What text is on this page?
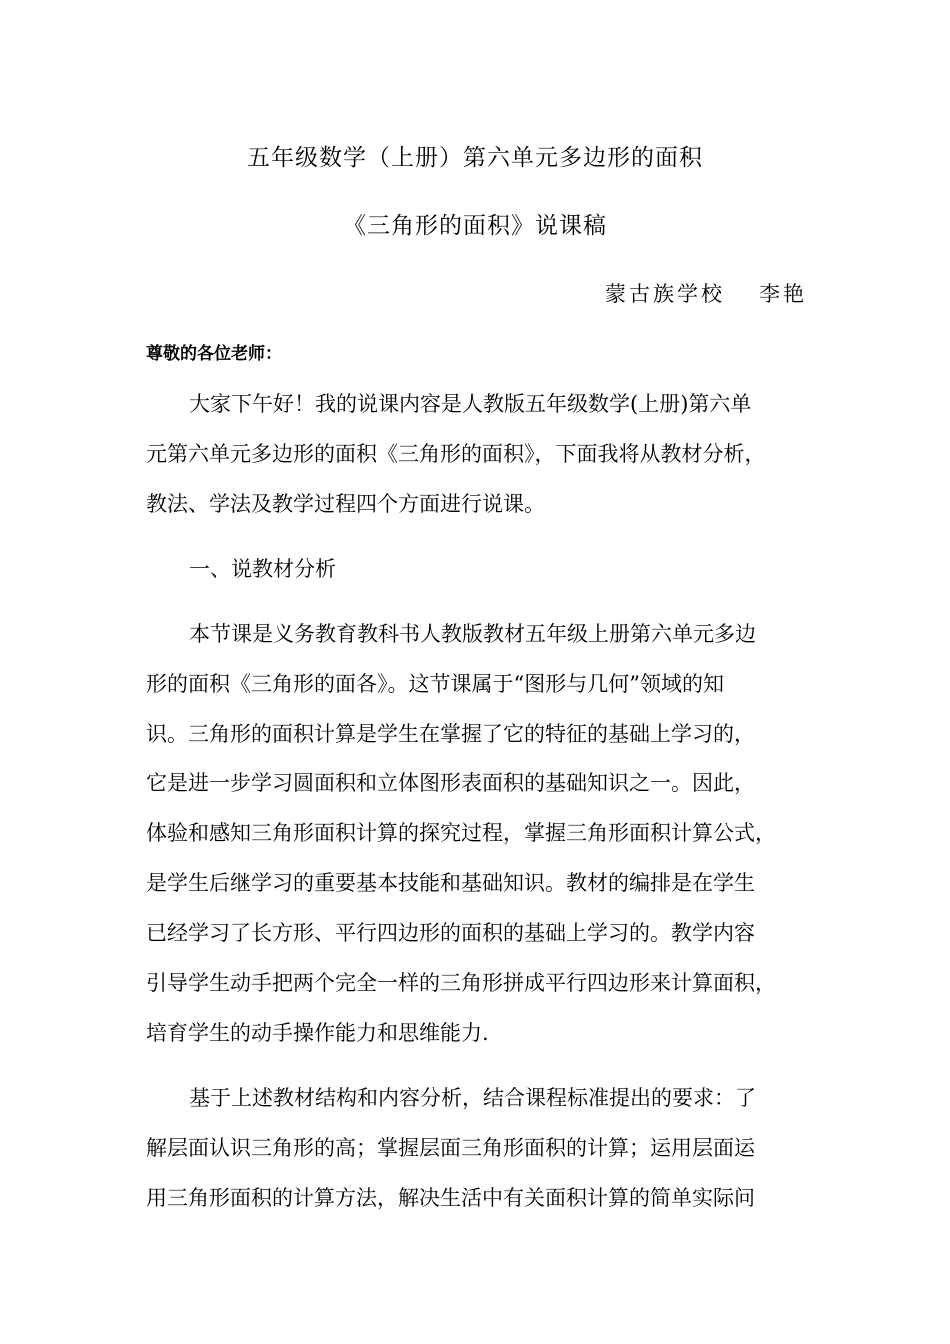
五年级数学（上册）第六单元多边形的面积
《三角形的面积》说课稿
蒙古族学校 李艳
尊敬的各位老师：
大家下午好！我的说课内容是人教版五年级数学(上册)第六单
元第六单元多边形的面积《三角形的面积》，下面我将从教材分析，
教法、学法及教学过程四个方面进行说课。
一、说教材分析
本节课是义务教育教科书人教版教材五年级上册第六单元多边
形的面积《三角形的面各》。这节课属于“图形与几何”领域的知
识。三角形的面积计算是学生在掌握了它的特征的基础上学习的，
它是进一步学习圆面积和立体图形表面积的基础知识之一。因此，
体验和感知三角形面积计算的探究过程，掌握三角形面积计算公式，
是学生后继学习的重要基本技能和基础知识。教材的编排是在学生
已经学习了长方形、平行四边形的面积的基础上学习的。教学内容
引导学生动手把两个完全一样的三角形拼成平行四边形来计算面积，
培育学生的动手操作能力和思维能力.
基于上述教材结构和内容分析，结合课程标准提出的要求：了
解层面认识三角形的高；掌握层面三角形面积的计算；运用层面运
用三角形面积的计算方法，解决生活中有关面积计算的简单实际问
